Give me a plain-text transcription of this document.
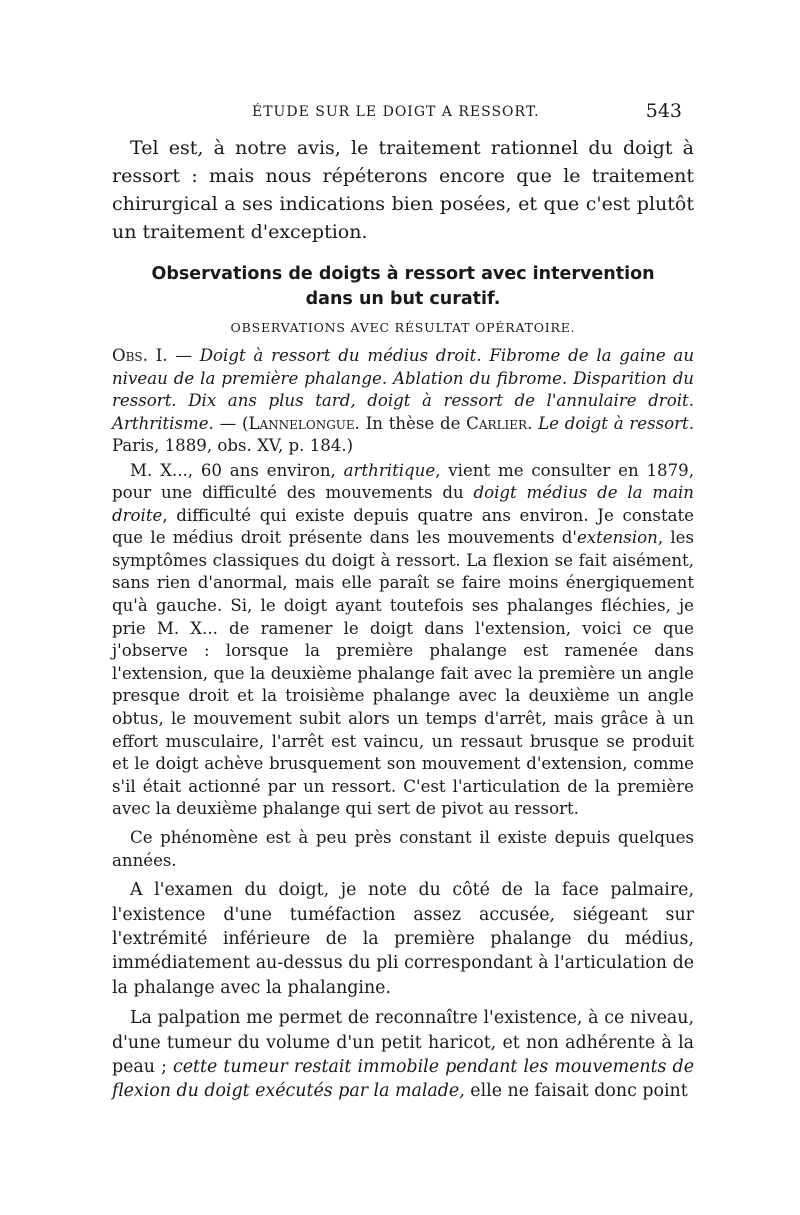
ÉTUDE SUR LE DOIGT A RESSORT.	543

Tel est, à notre avis, le traitement rationnel du doigt à ressort : mais nous répéterons encore que le traitement chirurgical a ses indications bien posées, et que c'est plutôt un traitement d'exception.

Observations de doigts à ressort avec intervention
dans un but curatif.
OBSERVATIONS AVEC RÉSULTAT OPÉRATOIRE.

Obs. I. — Doigt à ressort du médius droit. Fibrome de la gaine au niveau de la première phalange. Ablation du fibrome. Disparition du ressort. Dix ans plus tard, doigt à ressort de l'annulaire droit. Arthritisme. — (Lannelongue. In thèse de Carlier. Le doigt à ressort. Paris, 1889, obs. XV, p. 184.)

M. X..., 60 ans environ, arthritique, vient me consulter en 1879, pour une difficulté des mouvements du doigt médius de la main droite, difficulté qui existe depuis quatre ans environ. Je constate que le médius droit présente dans les mouvements d'extension, les symptômes classiques du doigt à ressort. La flexion se fait aisément, sans rien d'anormal, mais elle paraît se faire moins énergiquement qu'à gauche. Si, le doigt ayant toutefois ses phalanges fléchies, je prie M. X... de ramener le doigt dans l'extension, voici ce que j'observe : lorsque la première phalange est ramenée dans l'extension, que la deuxième phalange fait avec la première un angle presque droit et la troisième phalange avec la deuxième un angle obtus, le mouvement subit alors un temps d'arrêt, mais grâce à un effort musculaire, l'arrêt est vaincu, un ressaut brusque se produit et le doigt achève brusquement son mouvement d'extension, comme s'il était actionné par un ressort. C'est l'articulation de la première avec la deuxième phalange qui sert de pivot au ressort.

Ce phénomène est à peu près constant il existe depuis quelques années.

A l'examen du doigt, je note du côté de la face palmaire, l'existence d'une tuméfaction assez accusée, siégeant sur l'extrémité inférieure de la première phalange du médius, immédiatement au-dessus du pli correspondant à l'articulation de la phalange avec la phalangine.

La palpation me permet de reconnaître l'existence, à ce niveau, d'une tumeur du volume d'un petit haricot, et non adhérente à la peau ; cette tumeur restait immobile pendant les mouvements de flexion du doigt exécutés par la malade, elle ne faisait donc point
